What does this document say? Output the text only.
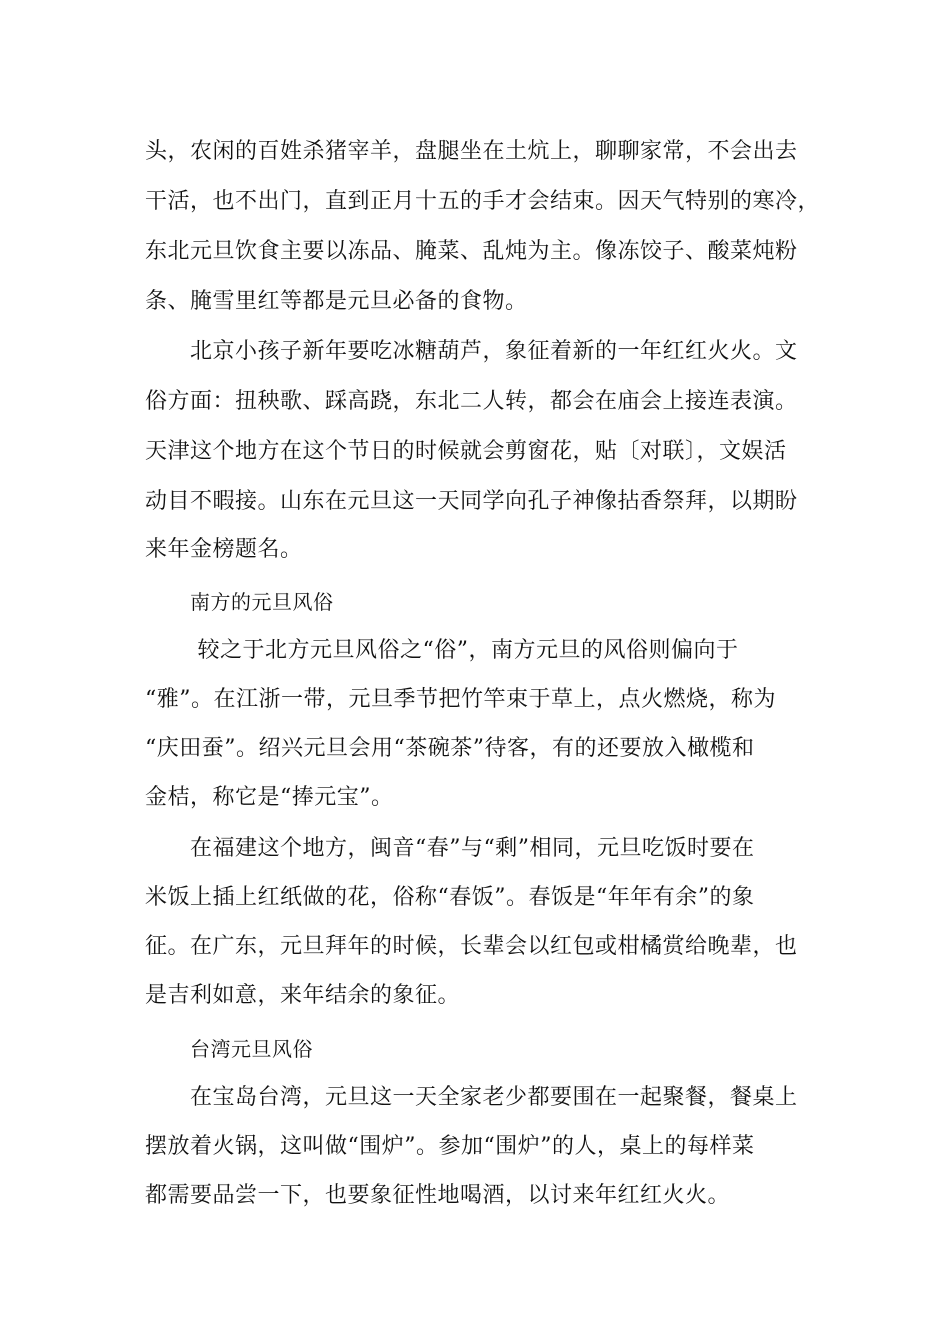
头，农闲的百姓杀猪宰羊，盘腿坐在土炕上，聊聊家常，不会出去
干活，也不出门，直到正月十五的手才会结束。因天气特别的寒冷，
东北元旦饮食主要以冻品、腌菜、乱炖为主。像冻饺子、酸菜炖粉
条、腌雪里红等都是元旦必备的食物。
北京小孩子新年要吃冰糖葫芦，象征着新的一年红红火火。文
俗方面：扭秧歌、踩高跷，东北二人转，都会在庙会上接连表演。
天津这个地方在这个节日的时候就会剪窗花，贴〔对联〕，文娱活
动目不暇接。山东在元旦这一天同学向孔子神像拈香祭拜，以期盼
来年金榜题名。
南方的元旦风俗
较之于北方元旦风俗之“俗”，南方元旦的风俗则偏向于
“雅”。在江浙一带，元旦季节把竹竿束于草上，点火燃烧，称为
“庆田蚕”。绍兴元旦会用“茶碗茶”待客，有的还要放入橄榄和
金桔，称它是“捧元宝”。
在福建这个地方，闽音“春”与“剩”相同，元旦吃饭时要在
米饭上插上红纸做的花，俗称“春饭”。春饭是“年年有余”的象
征。在广东，元旦拜年的时候，长辈会以红包或柑橘赏给晚辈，也
是吉利如意，来年结余的象征。
台湾元旦风俗
在宝岛台湾，元旦这一天全家老少都要围在一起聚餐，餐桌上
摆放着火锅，这叫做“围炉”。参加“围炉”的人，桌上的每样菜
都需要品尝一下，也要象征性地喝酒，以讨来年红红火火。
